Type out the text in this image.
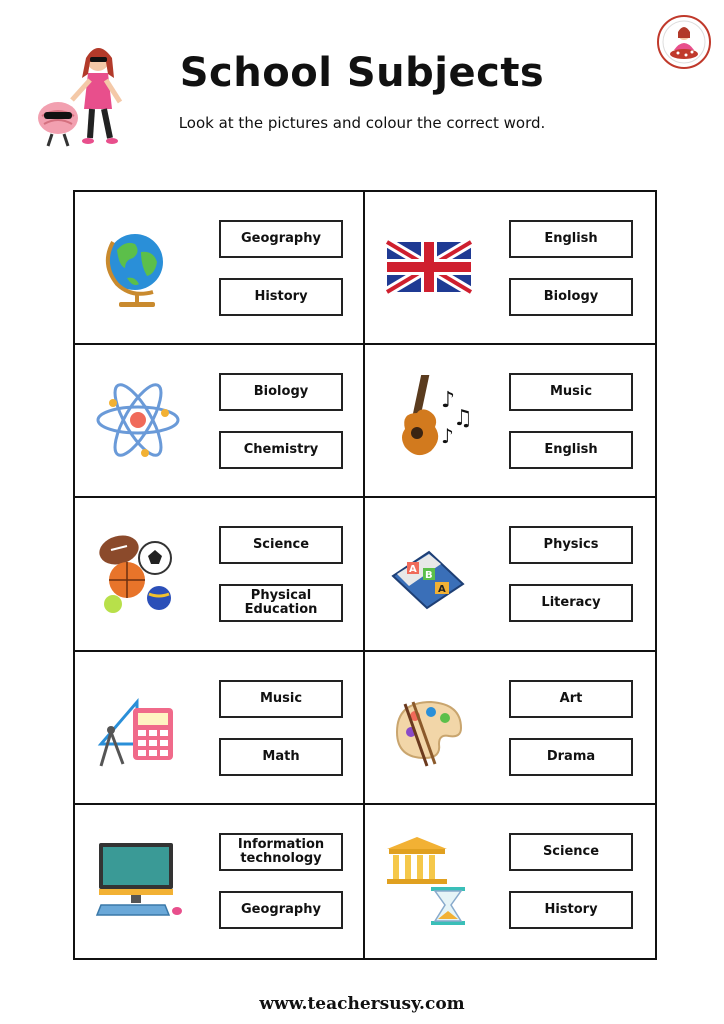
School Subjects

Look at the pictures and colour the correct word.

Geography
History
English
Biology
Biology
Chemistry
♪
♫
♪
Music
English
Science
Physical Education
A
B
A
Physics
Literacy
Music
Math
Art
Drama
Information technology
Geography
Science
History
www.teachersusy.com
